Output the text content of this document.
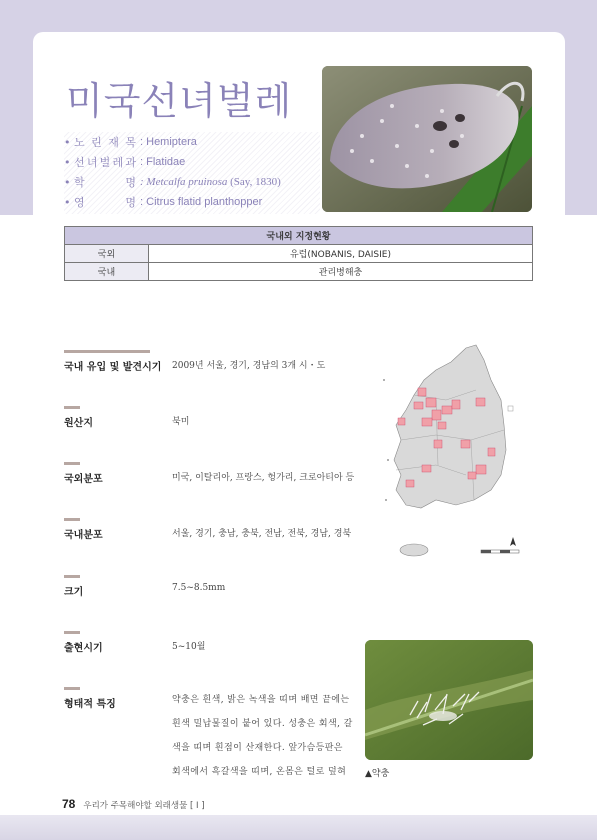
미국선녀벌레
• 노 린 재 목 : Hemiptera
• 선 녀 벌 레 과 : Flatidae
• 학	명 : Metcalfa pruinosa (Say, 1830)
• 영	명 : Citrus flatid planthopper
국내외 지정현황	
국외	유럽(NOBANIS, DAISIE)
국내	관리병해충
국내 유입 및 발견시기 2009년 서울, 경기, 경남의 3개 시・도
원산지	북미
국외분포	미국, 이탈리아, 프랑스, 헝가리, 크로아티아 등
국내분포	서울, 경기, 충남, 충북, 전남, 전북, 경남, 경북
크기	7.5~8.5mm
출현시기	5~10월
형태적 특징	약충은 흰색, 밝은 녹색을 띠며 배면 끝에는
흰색 밀납물질이 붙어 있다. 성충은 회색, 갈
색을 띠며 흰점이 산재한다. 앞가슴등판은
회색에서 흑갈색을 띠며, 온몸은 털로 덮혀	▲약충
78 우리가 주목해야할 외래생물 [ I ]
